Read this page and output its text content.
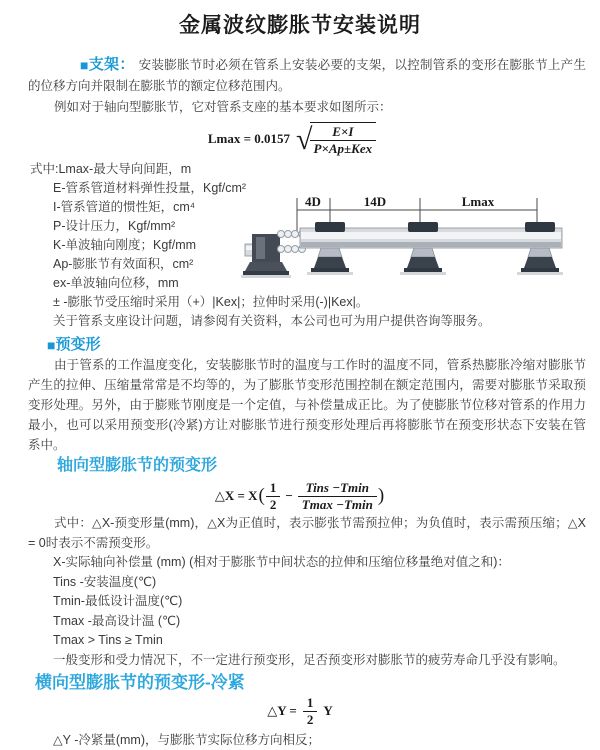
金属波纹膨胀节安装说明
■支架： 安装膨胀节时必须在管系上安装必要的支架，以控制管系的变形在膨胀节上产生的位移方向并限制在膨胀节的额定位移范围内。
例如对于轴向型膨胀节，它对管系支座的基本要求如图所示：
Lmax = 0.0157 √
$\frac{E\times I}{\text{P×Ap±Kex}}$
式中:Lmax-最大导向间距，m
E-管系管道材料弹性投量，Kgf/cm²
I-管系管道的惯性矩，cm⁴
P-设计压力，Kgf/mm²
K-单波轴向刚度；Kgf/mm
Ap-膨胀节有效面积，cm²
ex-单波轴向位移，mm
± -膨胀节受压缩时采用（+）|Kex|；拉伸时采用(-)|Kex|。
关于管系支座设计问题，请参阅有关资料，本公司也可为用户提供咨询等服务。
4D	14D	Lmax
■预变形
由于管系的工作温度变化，安装膨胀节时的温度与工作时的温度不同，管系热膨胀冷缩对膨胀节产生的拉伸、压缩量常常是不均等的，为了膨胀节变形范围控制在额定范围内，需要对膨胀节采取预变形处理。另外，由于膨账节刚度是一个定值，与补偿量成正比。为了使膨胀节位移对管系的作用力最小，也可以采用预变形(冷紧)方让对膨胀节进行预变形处理后再将膨胀节在预变形状态下安装在管系中。
轴向型膨胀节的预变形
△X = X ( $\frac{1}{2} - \frac{\text{Tins −Tmin}}{Tmax -Tmin}$ )
式中：△X-预变形量(mm)，△X为正值时，表示膨张节需预拉伸；为负值时，表示需预压缩；△X = 0时表示不需预变形。
X-实际轴向补偿量 (mm) (相对于膨胀节中间状态的拉伸和压缩位移量绝对值之和)：
Tins -安装温度(℃)
Tmin-最低设计温度(℃)
Tmax -最高设计温 (℃)
Tmax > Tins ≥ Tmin
一般变形和受力情况下，不一定进行预变形，足否预变形对膨胀节的疲劳寿命几乎没有影响。
横向型膨胀节的预变形-冷紧
△Y = $\frac{1}{2}$ Y
△Y -冷紧量(mm)，与膨胀节实际位移方向相反；
